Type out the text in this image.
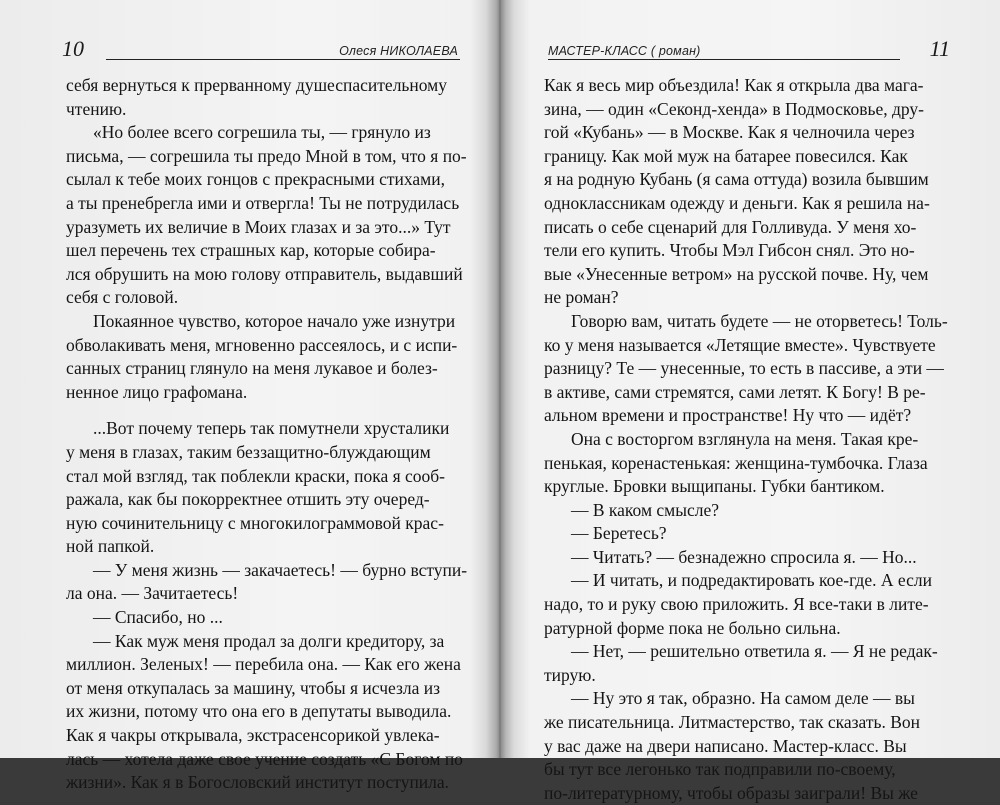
10	Олеся НИКОЛАЕВА
себя вернуться к прерванному душеспасительному
чтению.
«Но более всего согрешила ты, — грянуло из
письма, — согрешила ты предо Мной в том, что я по-
сылал к тебе моих гонцов с прекрасными стихами,
а ты пренебрегла ими и отвергла! Ты не потрудилась
уразуметь их величие в Моих глазах и за это...» Тут
шел перечень тех страшных кар, которые собира-
лся обрушить на мою голову отправитель, выдавший
себя с головой.
Покаянное чувство, которое начало уже изнутри
обволакивать меня, мгновенно рассеялось, и с испи-
санных страниц глянуло на меня лукавое и болез-
ненное лицо графомана.
...Вот почему теперь так помутнели хрусталики
у меня в глазах, таким беззащитно-блуждающим
стал мой взгляд, так поблекли краски, пока я сооб-
ражала, как бы покорректнее отшить эту очеред-
ную сочинительницу с многокилограммовой крас-
ной папкой.
— У меня жизнь — закачаетесь! — бурно вступи-
ла она. — Зачитаетесь!
— Спасибо, но ...
— Как муж меня продал за долги кредитору, за
миллион. Зеленых! — перебила она. — Как его жена
от меня откупалась за машину, чтобы я исчезла из
их жизни, потому что она его в депутаты выводила.
Как я чакры открывала, экстрасенсорикой увлека-
лась — хотела даже свое учение создать «С Богом по
жизни». Как я в Богословский институт поступила.
МАСТЕР-КЛАСС ( роман)	11
Как я весь мир объездила! Как я открыла два мага-
зина, — один «Секонд-хенда» в Подмосковье, дру-
гой «Кубань» — в Москве. Как я челночила через
границу. Как мой муж на батарее повесился. Как
я на родную Кубань (я сама оттуда) возила бывшим
одноклассникам одежду и деньги. Как я решила на-
писать о себе сценарий для Голливуда. У меня хо-
тели его купить. Чтобы Мэл Гибсон снял. Это но-
вые «Унесенные ветром» на русской почве. Ну, чем
не роман?
Говорю вам, читать будете — не оторветесь! Толь-
ко у меня называется «Летящие вместе». Чувствуете
разницу? Те — унесенные, то есть в пассиве, а эти —
в активе, сами стремятся, сами летят. К Богу! В ре-
альном времени и пространстве! Ну что — идёт?
Она с восторгом взглянула на меня. Такая кре-
пенькая, коренастенькая: женщина-тумбочка. Глаза
круглые. Бровки выщипаны. Губки бантиком.
— В каком смысле?
— Беретесь?
— Читать? — безнадежно спросила я. — Но...
— И читать, и подредактировать кое-где. А если
надо, то и руку свою приложить. Я все-таки в лите-
ратурной форме пока не больно сильна.
— Нет, — решительно ответила я. — Я не редак-
тирую.
— Ну это я так, образно. На самом деле — вы
же писательница. Литмастерство, так сказать. Вон
у вас даже на двери написано. Мастер-класс. Вы
бы тут все легонько так подправили по-своему,
по-литературному, чтобы образы заиграли! Вы же
